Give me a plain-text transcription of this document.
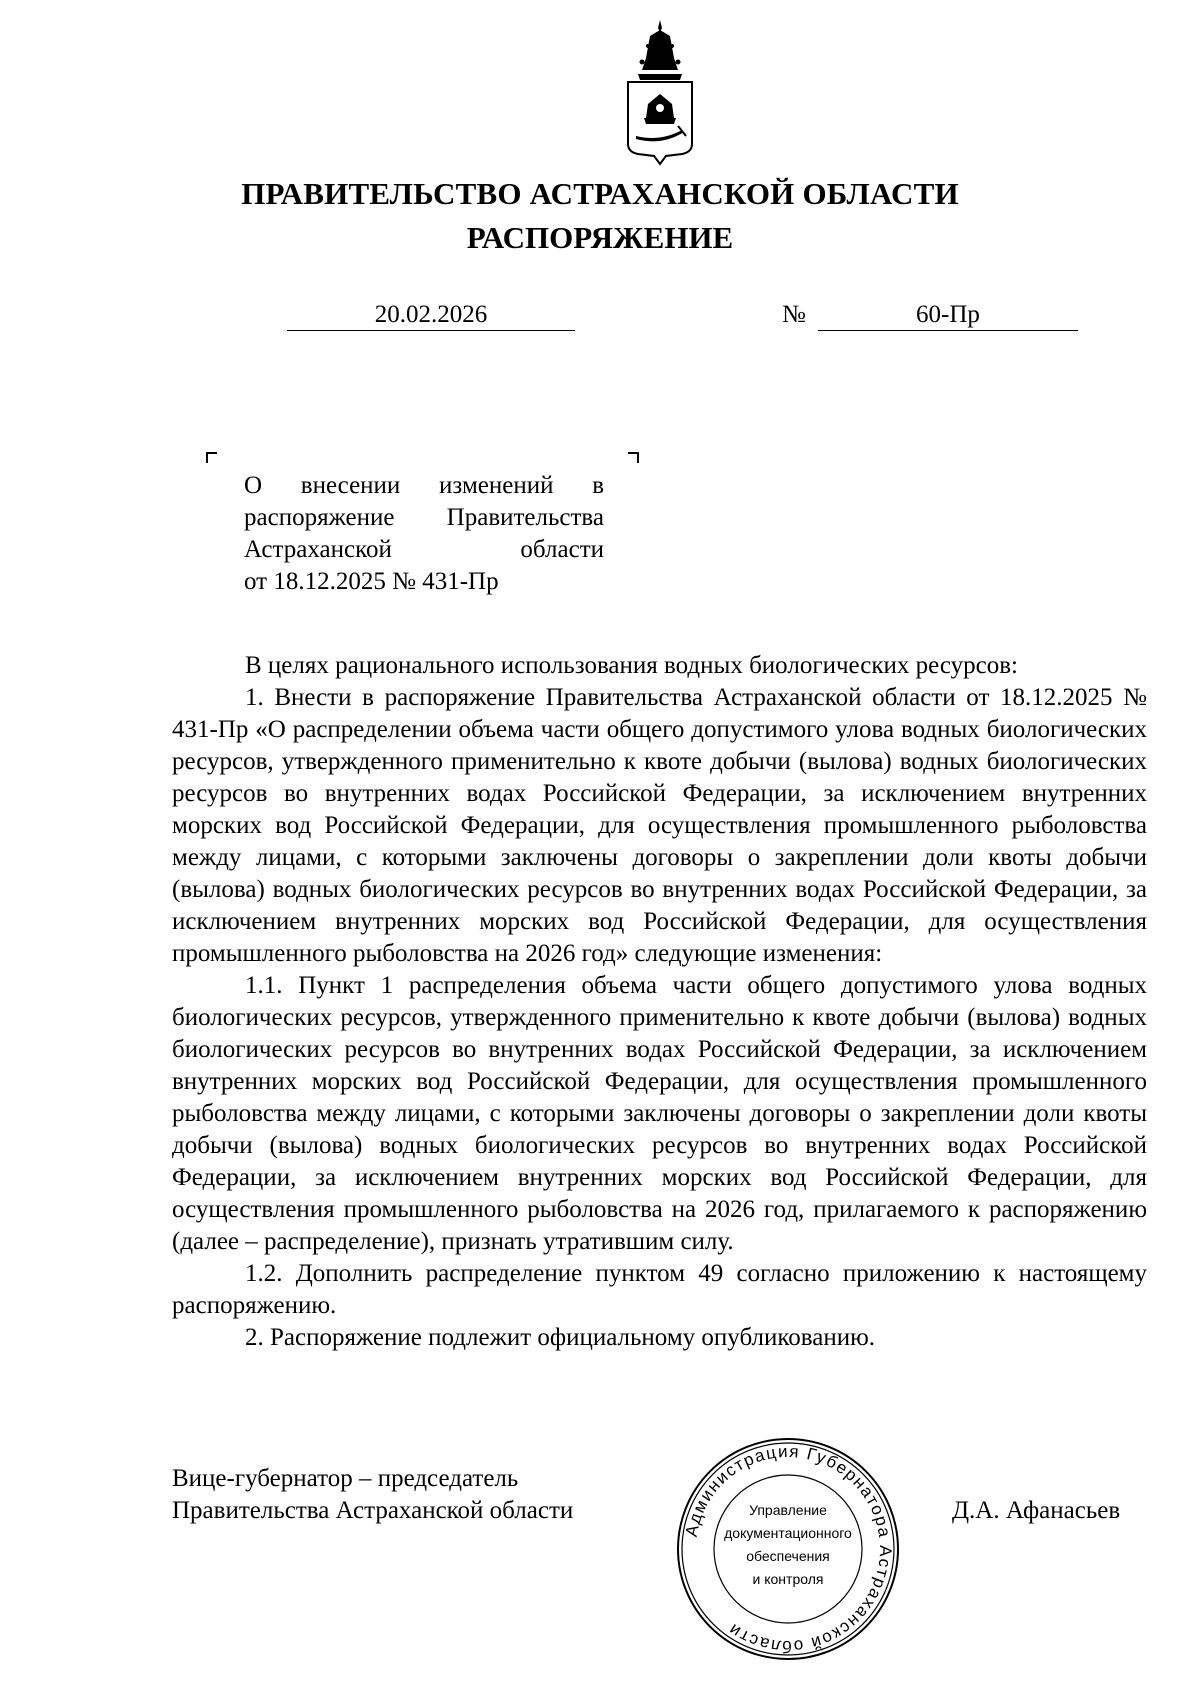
ПРАВИТЕЛЬСТВО АСТРАХАНСКОЙ ОБЛАСТИ
РАСПОРЯЖЕНИЕ
20.02.2026	№	60-Пр
О внесении изменений в
распоряжение Правительства
Астраханской области
от 18.12.2025 № 431-Пр

В целях рационального использования водных биологических ресурсов:

1. Внести в распоряжение Правительства Астраханской области от 18.12.2025 № 431-Пр «О распределении объема части общего допустимого улова водных биологических ресурсов, утвержденного применительно к квоте добычи (вылова) водных биологических ресурсов во внутренних водах Российской Федерации, за исключением внутренних морских вод Российской Федерации, для осуществления промышленного рыболовства между лицами, с которыми заключены договоры о закреплении доли квоты добычи (вылова) водных биологических ресурсов во внутренних водах Российской Федерации, за исключением внутренних морских вод Российской Федерации, для осуществления промышленного рыболовства на 2026 год» следующие изменения:

1.1. Пункт 1 распределения объема части общего допустимого улова водных биологических ресурсов, утвержденного применительно к квоте добычи (вылова) водных биологических ресурсов во внутренних водах Российской Федерации, за исключением внутренних морских вод Российской Федерации, для осуществления промышленного рыболовства между лицами, с которыми заключены договоры о закреплении доли квоты добычи (вылова) водных биологических ресурсов во внутренних водах Российской Федерации, за исключением внутренних морских вод Российской Федерации, для осуществления промышленного рыболовства на 2026 год, прилагаемого к распоряжению (далее – распределение), признать утратившим силу.

1.2. Дополнить распределение пунктом 49 согласно приложению к настоящему распоряжению.

2. Распоряжение подлежит официальному опубликованию.

Вице-губернатор – председатель
Правительства Астраханской области
Администрация Губернатора Астраханской области
Управление
документационного
обеспечения
и контроля
Д.А. Афанасьев
